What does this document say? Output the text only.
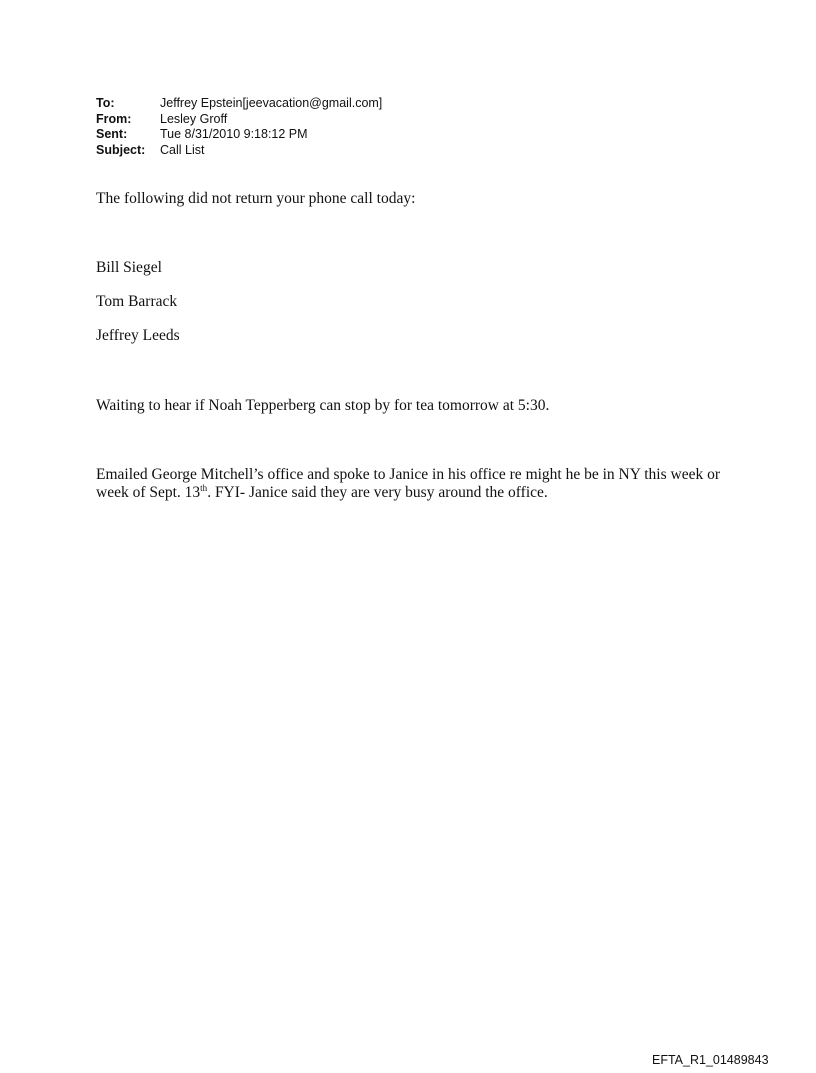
To:	Jeffrey Epstein[jeevacation@gmail.com]
From:	Lesley Groff
Sent:	Tue 8/31/2010 9:18:12 PM
Subject:	Call List

The following did not return your phone call today:

Bill Siegel

Tom Barrack

Jeffrey Leeds

Waiting to hear if Noah Tepperberg can stop by for tea tomorrow at 5:30.

Emailed George Mitchell’s office and spoke to Janice in his office re might he be in NY this week or week of Sept. 13th. FYI- Janice said they are very busy around the office.

EFTA_R1_01489843
